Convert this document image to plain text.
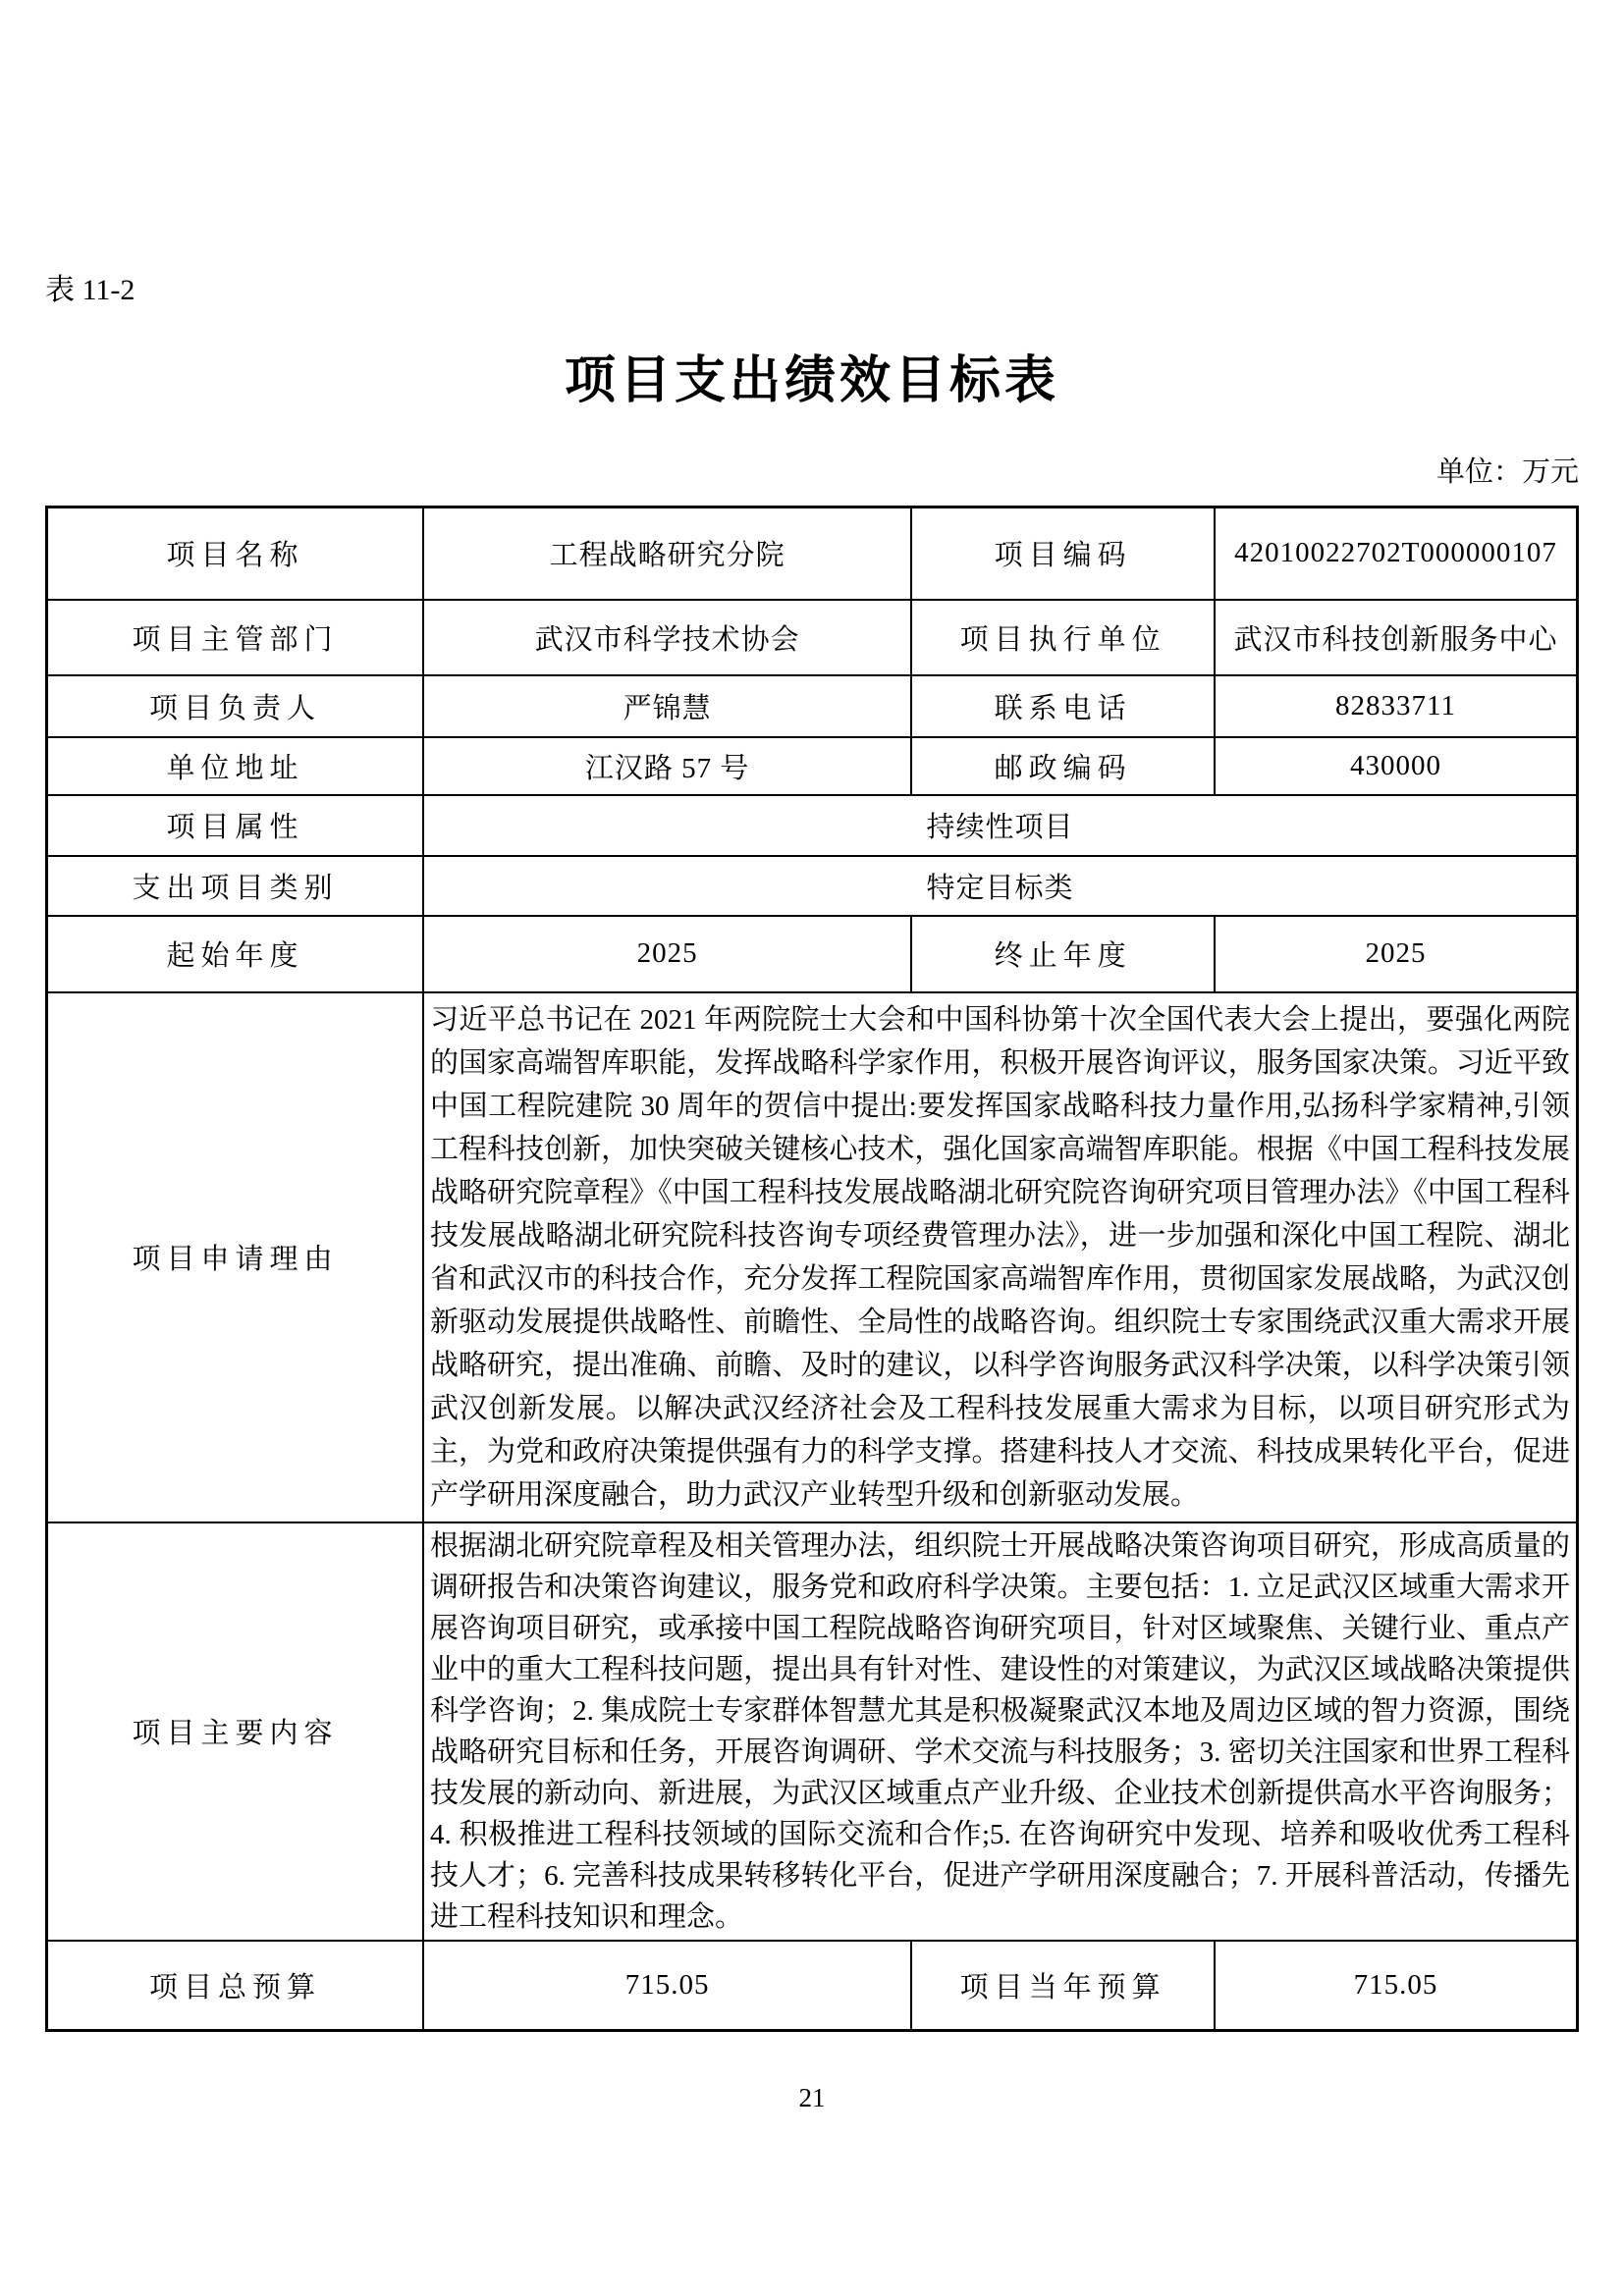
表 11-2
项目支出绩效目标表
单位：万元
项目名称	工程战略研究分院	项目编码	42010022702T000000107
项目主管部门	武汉市科学技术协会	项目执行单位	武汉市科技创新服务中心
项目负责人	严锦慧	联系电话	82833711
单位地址	江汉路 57 号	邮政编码	430000
项目属性	持续性项目		
支出项目类别	特定目标类		
起始年度	2025	终止年度	2025
项目申请理由	习近平总书记在 2021 年两院院士大会和中国科协第十次全国代表大会上提出，要强化两院的国家高端智库职能，发挥战略科学家作用，积极开展咨询评议，服务国家决策。习近平致中国工程院建院 30 周年的贺信中提出:要发挥国家战略科技力量作用,弘扬科学家精神,引领工程科技创新，加快突破关键核心技术，强化国家高端智库职能。根据《中国工程科技发展战略研究院章程》《中国工程科技发展战略湖北研究院咨询研究项目管理办法》《中国工程科技发展战略湖北研究院科技咨询专项经费管理办法》，进一步加强和深化中国工程院、湖北省和武汉市的科技合作，充分发挥工程院国家高端智库作用，贯彻国家发展战略，为武汉创新驱动发展提供战略性、前瞻性、全局性的战略咨询。组织院士专家围绕武汉重大需求开展战略研究，提出准确、前瞻、及时的建议，以科学咨询服务武汉科学决策，以科学决策引领武汉创新发展。以解决武汉经济社会及工程科技发展重大需求为目标，以项目研究形式为主，为党和政府决策提供强有力的科学支撑。搭建科技人才交流、科技成果转化平台，促进产学研用深度融合，助力武汉产业转型升级和创新驱动发展。		
项目主要内容	根据湖北研究院章程及相关管理办法，组织院士开展战略决策咨询项目研究，形成高质量的调研报告和决策咨询建议，服务党和政府科学决策。主要包括：1. 立足武汉区域重大需求开展咨询项目研究，或承接中国工程院战略咨询研究项目，针对区域聚焦、关键行业、重点产业中的重大工程科技问题，提出具有针对性、建设性的对策建议，为武汉区域战略决策提供科学咨询；2. 集成院士专家群体智慧尤其是积极凝聚武汉本地及周边区域的智力资源，围绕战略研究目标和任务，开展咨询调研、学术交流与科技服务；3. 密切关注国家和世界工程科技发展的新动向、新进展，为武汉区域重点产业升级、企业技术创新提供高水平咨询服务；4. 积极推进工程科技领域的国际交流和合作;5. 在咨询研究中发现、培养和吸收优秀工程科技人才；6. 完善科技成果转移转化平台，促进产学研用深度融合；7. 开展科普活动，传播先进工程科技知识和理念。		
项目总预算	715.05	项目当年预算	715.05
21
